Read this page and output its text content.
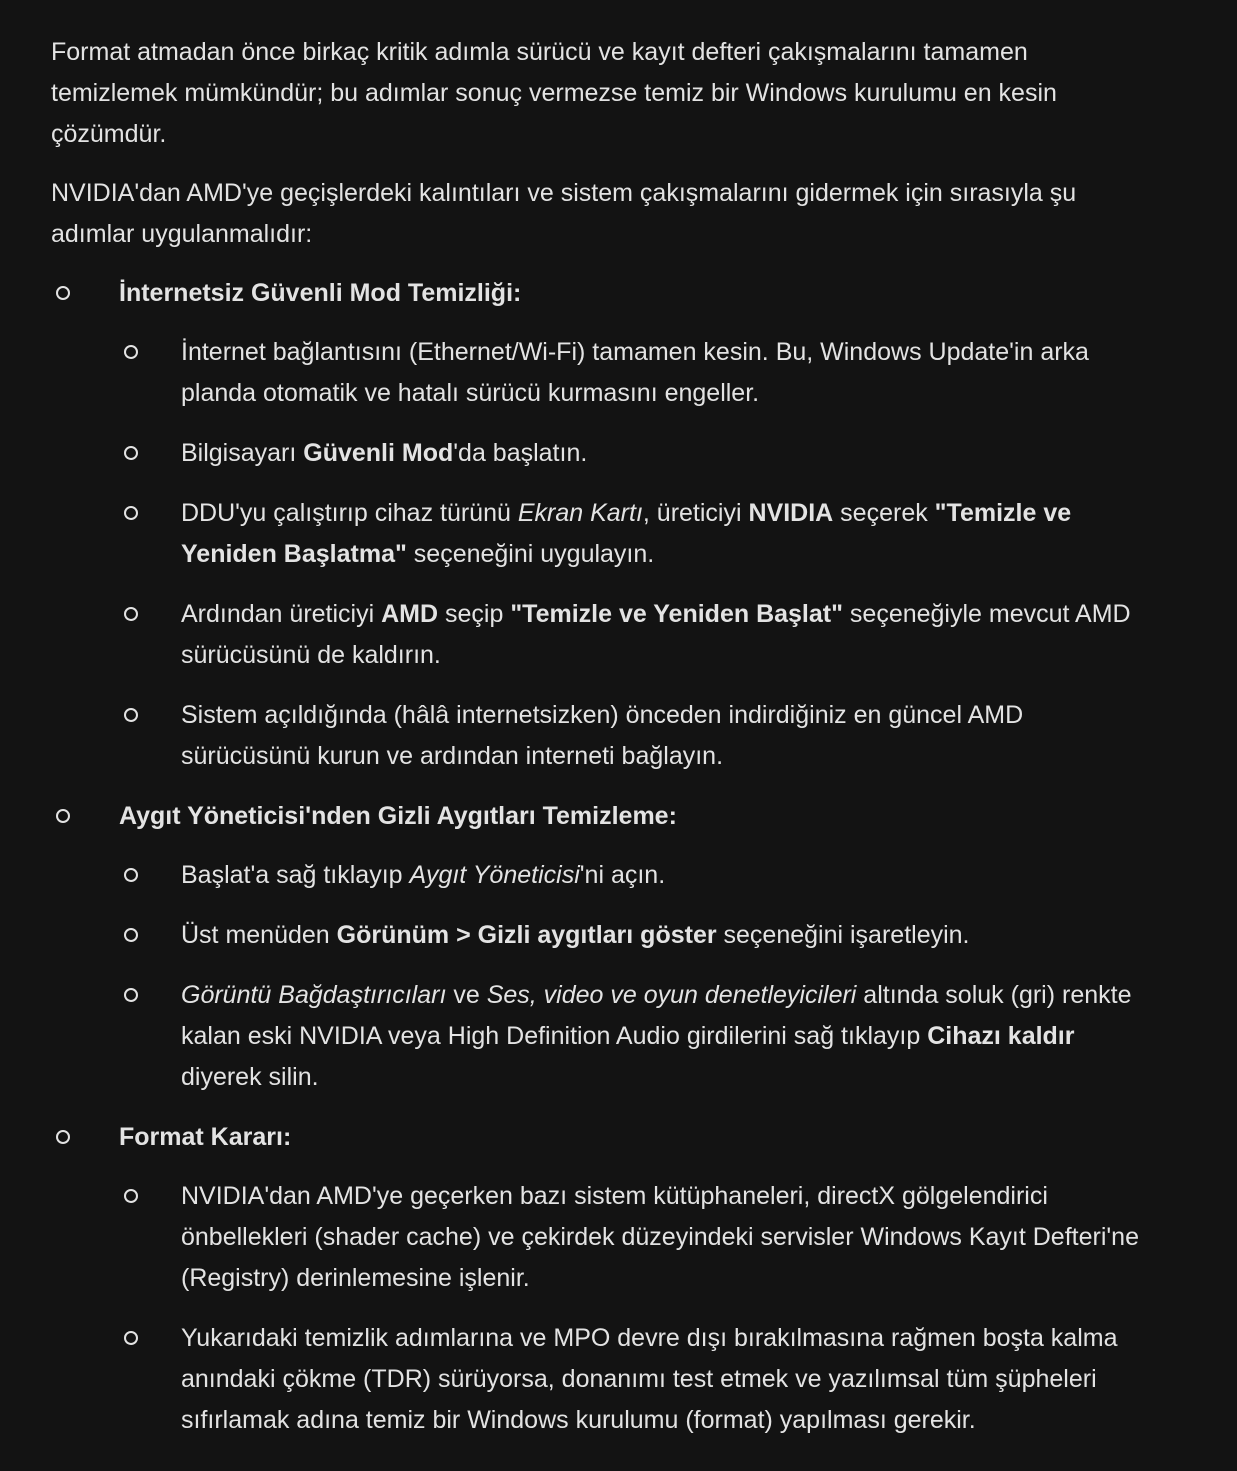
Format atmadan önce birkaç kritik adımla sürücü ve kayıt defteri çakışmalarını tamamen temizlemek mümkündür; bu adımlar sonuç vermezse temiz bir Windows kurulumu en kesin çözümdür.

NVIDIA'dan AMD'ye geçişlerdeki kalıntıları ve sistem çakışmalarını gidermek için sırasıyla şu adımlar uygulanmalıdır:

İnternetsiz Güvenli Mod Temizliği:
İnternet bağlantısını (Ethernet/Wi-Fi) tamamen kesin. Bu, Windows Update'in arka planda otomatik ve hatalı sürücü kurmasını engeller.
Bilgisayarı Güvenli Mod'da başlatın.
DDU'yu çalıştırıp cihaz türünü Ekran Kartı, üreticiyi NVIDIA seçerek "Temizle ve Yeniden Başlatma" seçeneğini uygulayın.
Ardından üreticiyi AMD seçip "Temizle ve Yeniden Başlat" seçeneğiyle mevcut AMD sürücüsünü de kaldırın.
Sistem açıldığında (hâlâ internetsizken) önceden indirdiğiniz en güncel AMD sürücüsünü kurun ve ardından interneti bağlayın.
Aygıt Yöneticisi'nden Gizli Aygıtları Temizleme:
Başlat'a sağ tıklayıp Aygıt Yöneticisi'ni açın.
Üst menüden Görünüm > Gizli aygıtları göster seçeneğini işaretleyin.
Görüntü Bağdaştırıcıları ve Ses, video ve oyun denetleyicileri altında soluk (gri) renkte kalan eski NVIDIA veya High Definition Audio girdilerini sağ tıklayıp Cihazı kaldır diyerek silin.
Format Kararı:
NVIDIA'dan AMD'ye geçerken bazı sistem kütüphaneleri, directX gölgelendirici önbellekleri (shader cache) ve çekirdek düzeyindeki servisler Windows Kayıt Defteri'ne (Registry) derinlemesine işlenir.
Yukarıdaki temizlik adımlarına ve MPO devre dışı bırakılmasına rağmen boşta kalma anındaki çökme (TDR) sürüyorsa, donanımı test etmek ve yazılımsal tüm şüpheleri sıfırlamak adına temiz bir Windows kurulumu (format) yapılması gerekir.
